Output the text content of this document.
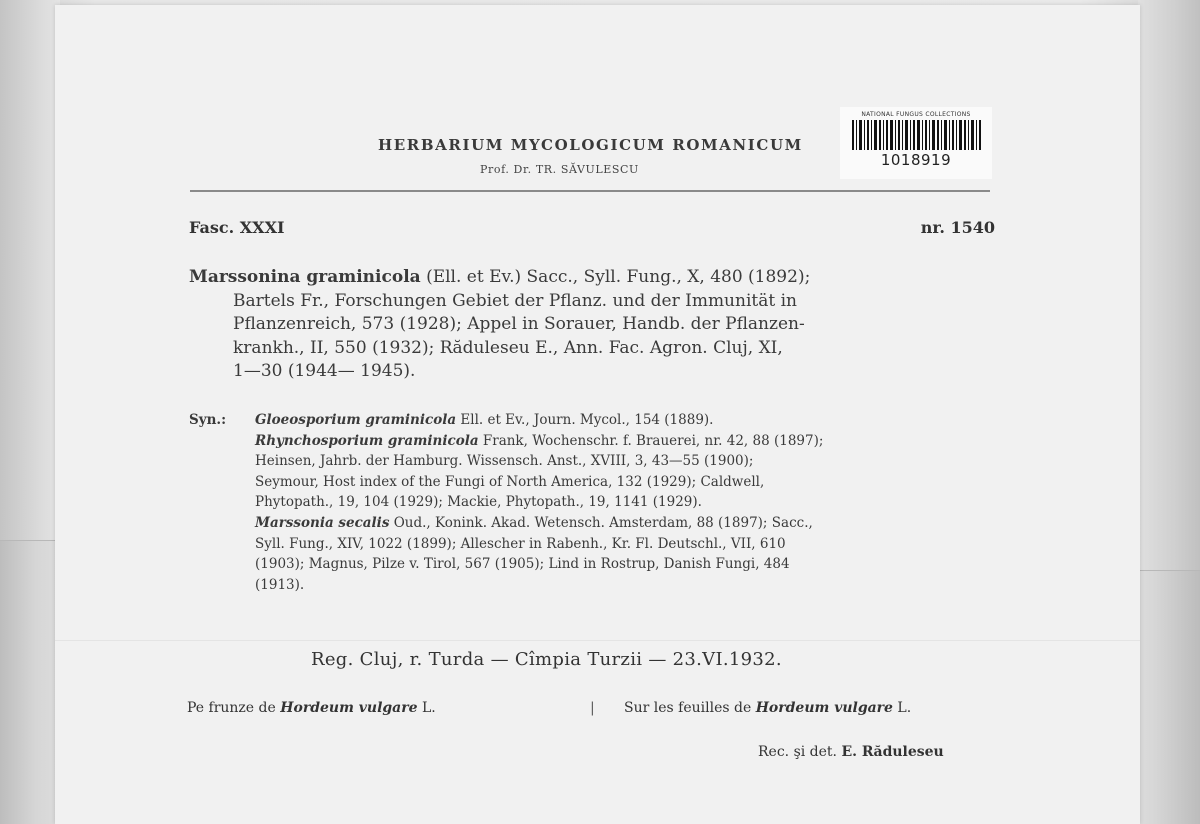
HERBARIUM MYCOLOGICUM ROMANICUM
Prof. Dr. TR. SĂVULESCU
NATIONAL FUNGUS COLLECTIONS
1018919
Fasc. XXXI	nr. 1540
Marssonina graminicola (Ell. et Ev.) Sacc., Syll. Fung., X, 480 (1892);
Bartels Fr., Forschungen Gebiet der Pflanz. und der Immunität in
Pflanzenreich, 573 (1928); Appel in Sorauer, Handb. der Pflanzen-
krankh., II, 550 (1932); Răduleseu E., Ann. Fac. Agron. Cluj, XI,
1—30 (1944— 1945).
Syn.: Gloeosporium graminicola Ell. et Ev., Journ. Mycol., 154 (1889).
Rhynchosporium graminicola Frank, Wochenschr. f. Brauerei, nr. 42, 88 (1897);
Heinsen, Jahrb. der Hamburg. Wissensch. Anst., XVIII, 3, 43—55 (1900);
Seymour, Host index of the Fungi of North America, 132 (1929); Caldwell,
Phytopath., 19, 104 (1929); Mackie, Phytopath., 19, 1141 (1929).
Marssonia secalis Oud., Konink. Akad. Wetensch. Amsterdam, 88 (1897); Sacc.,
Syll. Fung., XIV, 1022 (1899); Allescher in Rabenh., Kr. Fl. Deutschl., VII, 610
(1903); Magnus, Pilze v. Tirol, 567 (1905); Lind in Rostrup, Danish Fungi, 484
(1913).
Reg. Cluj, r. Turda — Cîmpia Turzii — 23.VI.1932.
Pe frunze de Hordeum vulgare L.	| Sur les feuilles de Hordeum vulgare L.
Rec. şi det. E. Răduleseu
